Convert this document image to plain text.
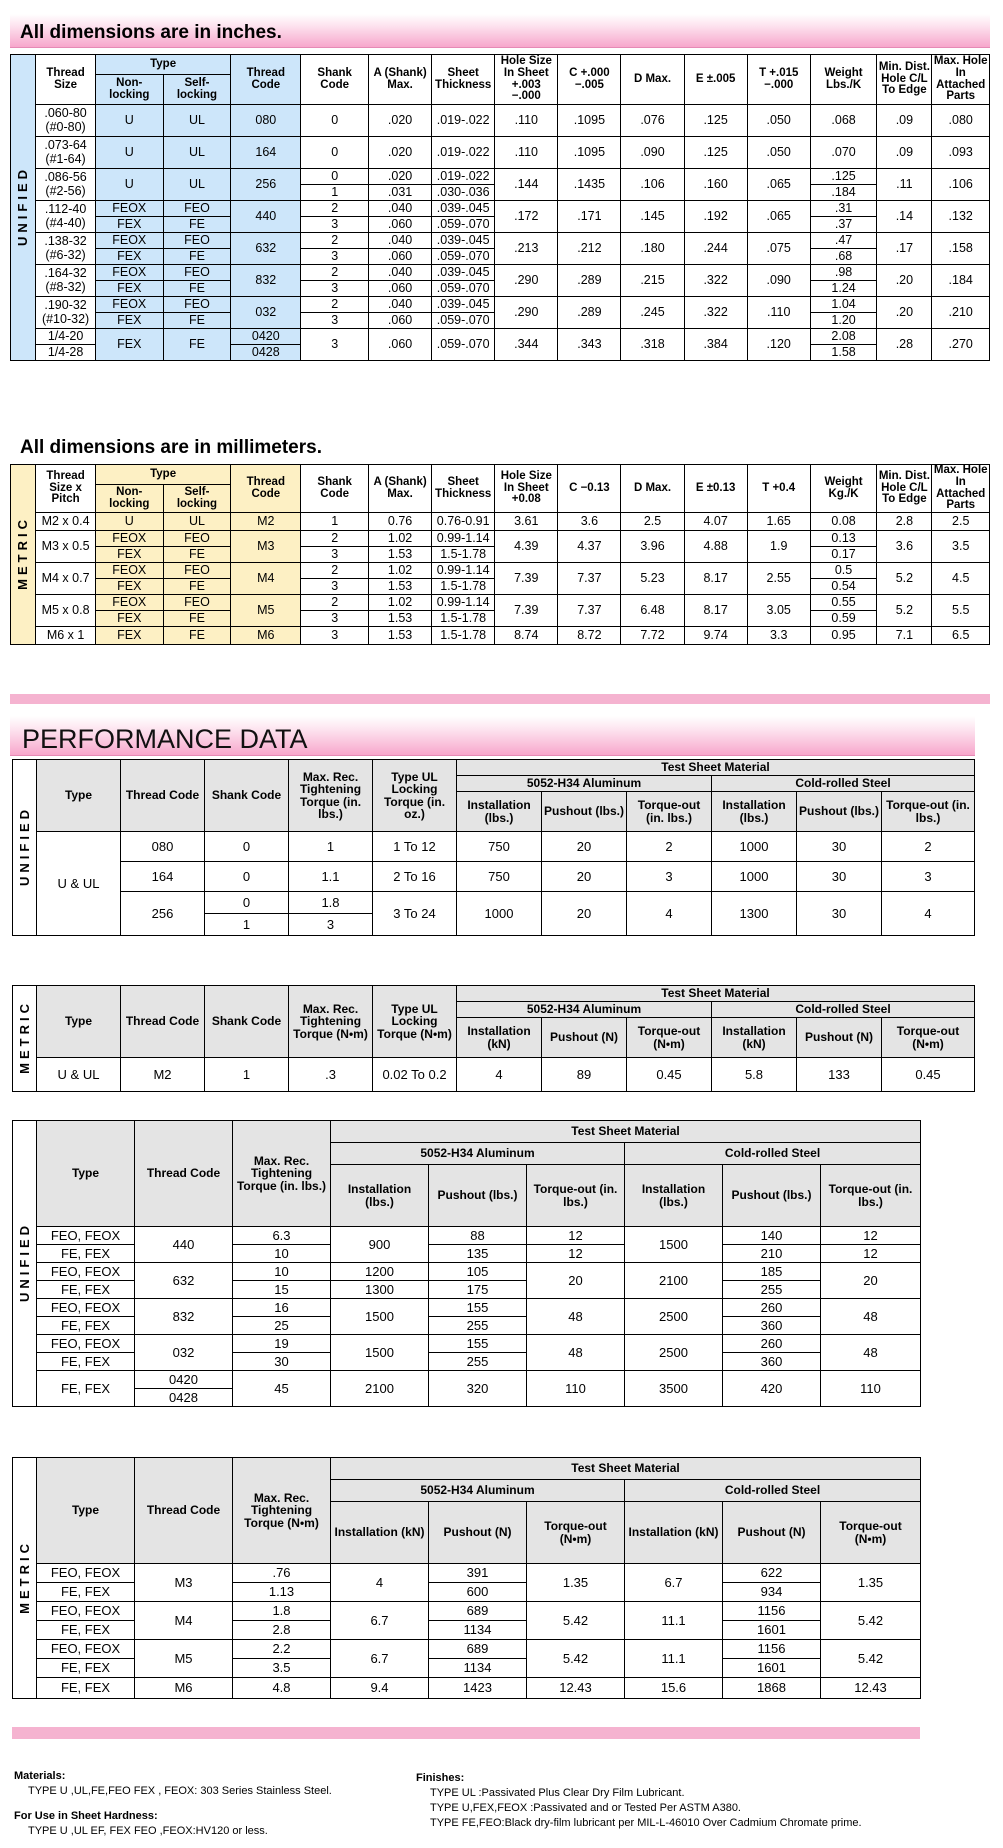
All dimensions are in inches.
UNIFIED	Thread Size	Type		Thread Code	Shank Code	A (Shank) Max.	Sheet Thickness	Hole Size In Sheet +.003 −.000	C +.000 −.005	D Max.	E ±.005	T +.015 −.000	Weight Lbs./K	Min. Dist. Hole C/L To Edge	Max. Hole In Attached Parts
		Non-locking	Self-locking												
	.060-80 (#0-80)	U	UL	080	0	.020	.019-.022	.110	.1095	.076	.125	.050	.068	.09	.080

	.073-64 (#1-64)	U	UL	164	0	.020	.019-.022	.110	.1095	.090	.125	.050	.070	.09	.093

	.086-56 (#2-56)	U	UL	256	0	.020	.019-.022	.144	.1435	.106	.160	.065	.125	.11	.106
					1	.031	.030-.036						.184		
	.112-40 (#4-40)	FEOX	FEO	440	2	.040	.039-.045	.172	.171	.145	.192	.065	.31	.14	.132
		FEX	FE		3	.060	.059-.070						.37		
	.138-32 (#6-32)	FEOX	FEO	632	2	.040	.039-.045	.213	.212	.180	.244	.075	.47	.17	.158
		FEX	FE		3	.060	.059-.070						.68		
	.164-32 (#8-32)	FEOX	FEO	832	2	.040	.039-.045	.290	.289	.215	.322	.090	.98	.20	.184
		FEX	FE		3	.060	.059-.070						1.24		
	.190-32 (#10-32)	FEOX	FEO	032	2	.040	.039-.045	.290	.289	.245	.322	.110	1.04	.20	.210
		FEX	FE		3	.060	.059-.070						1.20		
	1/4-20	FEX	FE	0420	3	.060	.059-.070	.344	.343	.318	.384	.120	2.08	.28	.270
	1/4-28			0428									1.58		
All dimensions are in millimeters.
METRIC	Thread Size x Pitch	Type		Thread Code	Shank Code	A (Shank) Max.	Sheet Thickness	Hole Size In Sheet +0.08	C −0.13	D Max.	E ±0.13	T +0.4	Weight Kg./K	Min. Dist. Hole C/L To Edge	Max. Hole In Attached Parts
		Non-locking	Self-locking												
	M2 x 0.4	U	UL	M2	1	0.76	0.76-0.91	3.61	3.6	2.5	4.07	1.65	0.08	2.8	2.5
	M3 x 0.5	FEOX	FEO	M3	2	1.02	0.99-1.14	4.39	4.37	3.96	4.88	1.9	0.13	3.6	3.5
		FEX	FE		3	1.53	1.5-1.78						0.17		
	M4 x 0.7	FEOX	FEO	M4	2	1.02	0.99-1.14	7.39	7.37	5.23	8.17	2.55	0.5	5.2	4.5
		FEX	FE		3	1.53	1.5-1.78						0.54		
	M5 x 0.8	FEOX	FEO	M5	2	1.02	0.99-1.14	7.39	7.37	6.48	8.17	3.05	0.55	5.2	5.5
		FEX	FE		3	1.53	1.5-1.78						0.59		
	M6 x 1	FEX	FE	M6	3	1.53	1.5-1.78	8.74	8.72	7.72	9.74	3.3	0.95	7.1	6.5
PERFORMANCE DATA
UNIFIED	Type	Thread Code	Shank Code	Max. Rec. Tightening Torque (in. lbs.)	Type UL Locking Torque (in. oz.)	Test Sheet Material					
						5052-H34 Aluminum			Cold-rolled Steel		
						Installation (lbs.)	Pushout (lbs.)	Torque-out (in. lbs.)	Installation (lbs.)	Pushout (lbs.)	Torque-out (in. lbs.)
	U & UL	080	0	1	1 To 12	750	20	2	1000	30	2
		164	0	1.1	2 To 16	750	20	3	1000	30	3
		256	0	1.8	3 To 24	1000	20	4	1300	30	4
			1	3							
METRIC	Type	Thread Code	Shank Code	Max. Rec. Tightening Torque (N•m)	Type UL Locking Torque (N•m)	Test Sheet Material					
						5052-H34 Aluminum			Cold-rolled Steel		
						Installation (kN)	Pushout (N)	Torque-out (N•m)	Installation (kN)	Pushout (N)	Torque-out (N•m)
	U & UL	M2	1	.3	0.02 To 0.2	4	89	0.45	5.8	133	0.45
UNIFIED	Type	Thread Code	Max. Rec. Tightening Torque (in. lbs.)	Test Sheet Material					
				5052-H34 Aluminum			Cold-rolled Steel		
				Installation (lbs.)	Pushout (lbs.)	Torque-out (in. lbs.)	Installation (lbs.)	Pushout (lbs.)	Torque-out (in. lbs.)
	FEO, FEOX	440	6.3	900	88	12	1500	140	12
	FE, FEX		10		135	12		210	12
	FEO, FEOX	632	10	1200	105	20	2100	185	20
	FE, FEX		15	1300	175			255	
	FEO, FEOX	832	16	1500	155	48	2500	260	48
	FE, FEX		25		255			360	
	FEO, FEOX	032	19	1500	155	48	2500	260	48
	FE, FEX		30		255			360	
	FE, FEX	0420	45	2100	320	110	3500	420	110
		0428							
METRIC	Type	Thread Code	Max. Rec. Tightening Torque (N•m)	Test Sheet Material					
				5052-H34 Aluminum			Cold-rolled Steel		
				Installation (kN)	Pushout (N)	Torque-out (N•m)	Installation (kN)	Pushout (N)	Torque-out (N•m)
	FEO, FEOX	M3	.76	4	391	1.35	6.7	622	1.35
	FE, FEX		1.13		600			934	
	FEO, FEOX	M4	1.8	6.7	689	5.42	11.1	1156	5.42
	FE, FEX		2.8		1134			1601	
	FEO, FEOX	M5	2.2	6.7	689	5.42	11.1	1156	5.42
	FE, FEX		3.5		1134			1601	
	FE, FEX	M6	4.8	9.4	1423	12.43	15.6	1868	12.43
Materials:
TYPE U ,UL,FE,FEO FEX , FEOX: 303 Series Stainless Steel.
For Use in Sheet Hardness:
TYPE U ,UL EF, FEX FEO ,FEOX:HV120 or less.
Finishes:
TYPE UL :Passivated Plus Clear Dry Film Lubricant.
TYPE U,FEX,FEOX :Passivated and or Tested Per ASTM A380.
TYPE FE,FEO:Black dry-film lubricant per MIL-L-46010 Over Cadmium Chromate prime.
